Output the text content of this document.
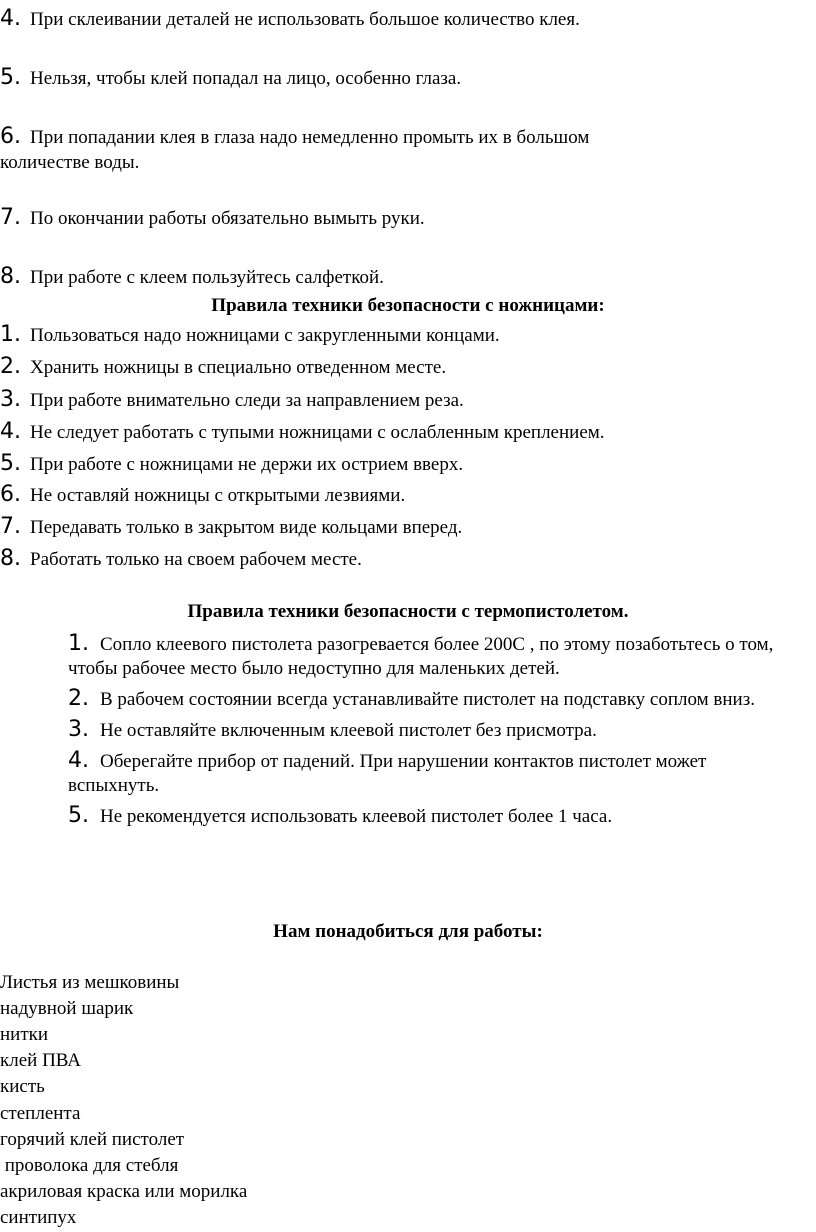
4. При склеивании деталей не использовать большое количество клея.
5. Нельзя, чтобы клей попадал на лицо, особенно глаза.
6. При попадании клея в глаза надо немедленно промыть их в большом
количестве воды.
7. По окончании работы обязательно вымыть руки.
8. При работе с клеем пользуйтесь салфеткой.
Правила техники безопасности с ножницами:
1. Пользоваться надо ножницами с закругленными концами.
2. Хранить ножницы в специально отведенном месте.
3. При работе внимательно следи за направлением реза.
4. Не следует работать с тупыми ножницами с ослабленным креплением.
5. При работе с ножницами не держи их острием вверх.
6. Не оставляй ножницы с открытыми лезвиями.
7. Передавать только в закрытом виде кольцами вперед.
8. Работать только на своем рабочем месте.
Правила техники безопасности с термопистолетом.
1. Сопло клеевого пистолета разогревается более 200С , по этому позаботьтесь о том, чтобы рабочее место было недоступно для маленьких детей.
2. В рабочем состоянии всегда устанавливайте пистолет на подставку соплом вниз.
3. Не оставляйте включенным клеевой пистолет без присмотра.
4. Оберегайте прибор от падений. При нарушении контактов пистолет может вспыхнуть.
5. Не рекомендуется использовать клеевой пистолет более 1 часа.
Нам понадобиться для работы:
Листья из мешковины
надувной шарик
нитки
клей ПВА
кисть
степлента
горячий клей пистолет
проволока для стебля
акриловая краска или морилка
синтипух
